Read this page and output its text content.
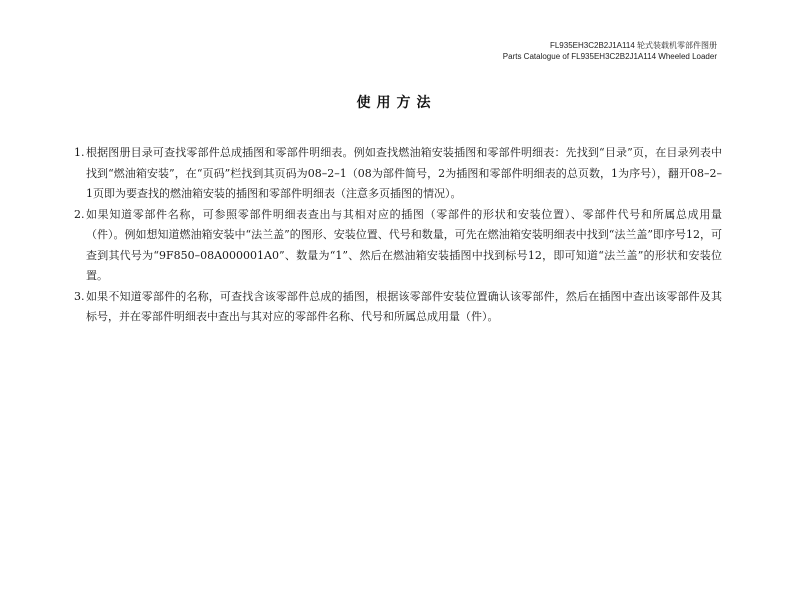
FL935EH3C2B2J1A114 轮式装载机零部件图册
Parts Catalogue of FL935EH3C2B2J1A114 Wheeled Loader
使用方法
1. 根据图册目录可查找零部件总成插图和零部件明细表。例如查找燃油箱安装插图和零部件明细表：先找到“目录”页，在目录列表中找到“燃油箱安装”，在“页码”栏找到其页码为08–2–1（08为部件简号，2为插图和零部件明细表的总页数，1为序号），翻开08–2–1页即为要查找的燃油箱安装的插图和零部件明细表（注意多页插图的情况）。
2. 如果知道零部件名称，可参照零部件明细表查出与其相对应的插图（零部件的形状和安装位置）、零部件代号和所属总成用量（件）。例如想知道燃油箱安装中“法兰盖”的图形、安装位置、代号和数量，可先在燃油箱安装明细表中找到“法兰盖”即序号12，可查到其代号为“9F850–08A000001A0”、数量为“1”、然后在燃油箱安装插图中找到标号12，即可知道“法兰盖”的形状和安装位置。
3. 如果不知道零部件的名称，可查找含该零部件总成的插图，根据该零部件安装位置确认该零部件，然后在插图中查出该零部件及其标号，并在零部件明细表中查出与其对应的零部件名称、代号和所属总成用量（件）。
